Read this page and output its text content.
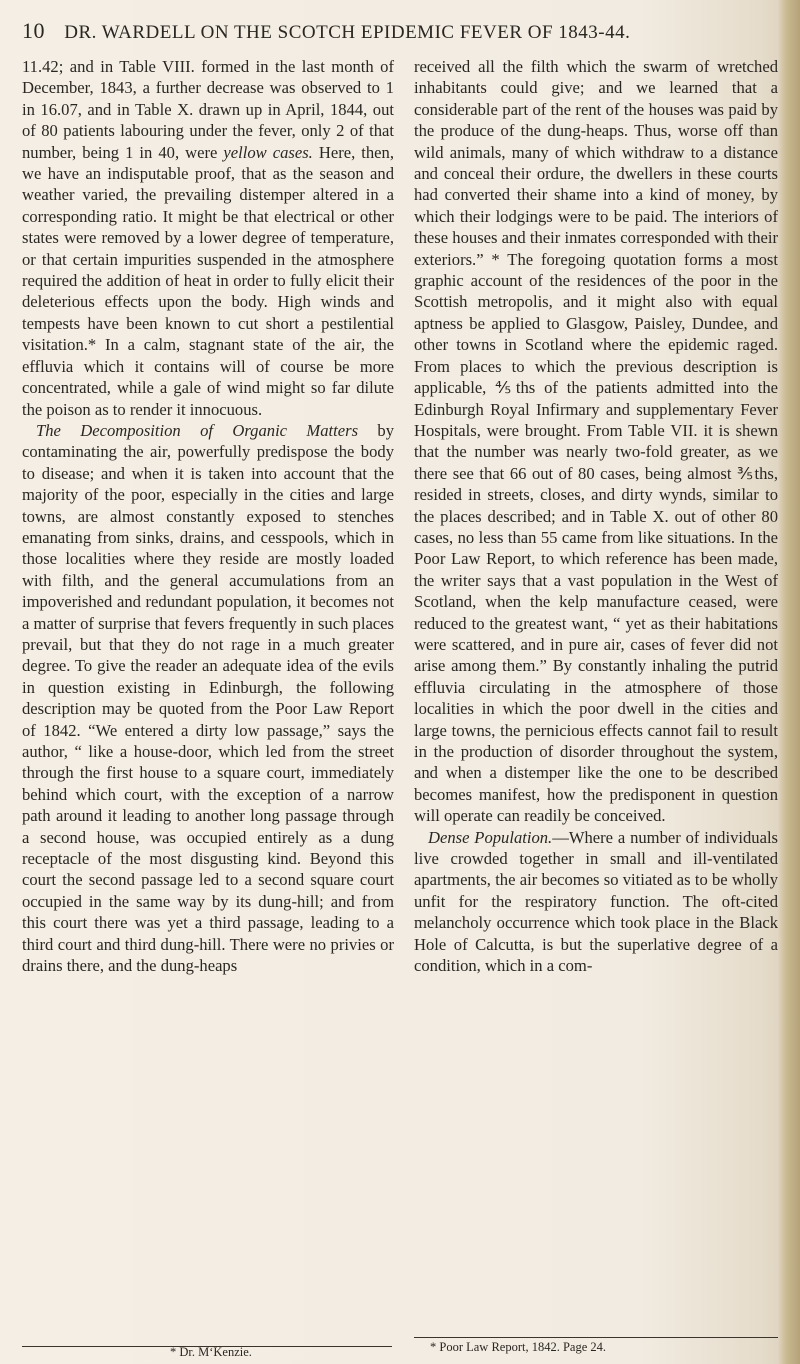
10 DR. WARDELL ON THE SCOTCH EPIDEMIC FEVER OF 1843-44.

11.42; and in Table VIII. formed in the last month of December, 1843, a further decrease was observed to 1 in 16.07, and in Table X. drawn up in April, 1844, out of 80 patients labouring under the fever, only 2 of that number, being 1 in 40, were yellow cases. Here, then, we have an indisputable proof, that as the season and weather varied, the prevailing distemper altered in a corresponding ratio. It might be that electrical or other states were removed by a lower degree of temperature, or that certain impurities suspended in the atmosphere required the addition of heat in order to fully elicit their deleterious effects upon the body. High winds and tempests have been known to cut short a pestilential visitation.* In a calm, stagnant state of the air, the effluvia which it contains will of course be more concentrated, while a gale of wind might so far dilute the poison as to render it innocuous.

The Decomposition of Organic Matters by contaminating the air, powerfully predispose the body to disease; and when it is taken into account that the majority of the poor, especially in the cities and large towns, are almost constantly exposed to stenches emanating from sinks, drains, and cesspools, which in those localities where they reside are mostly loaded with filth, and the general accumulations from an impoverished and redundant population, it becomes not a matter of surprise that fevers frequently in such places prevail, but that they do not rage in a much greater degree. To give the reader an adequate idea of the evils in question existing in Edinburgh, the following description may be quoted from the Poor Law Report of 1842. “We entered a dirty low passage,” says the author, “ like a house-door, which led from the street through the first house to a square court, immediately behind which court, with the exception of a narrow path around it leading to another long passage through a second house, was occupied entirely as a dung receptacle of the most disgusting kind. Beyond this court the second passage led to a second square court occupied in the same way by its dung-hill; and from this court there was yet a third passage, leading to a third court and third dung-hill. There were no privies or drains there, and the dung-heaps

received all the filth which the swarm of wretched inhabitants could give; and we learned that a considerable part of the rent of the houses was paid by the produce of the dung-heaps. Thus, worse off than wild animals, many of which withdraw to a distance and conceal their ordure, the dwellers in these courts had converted their shame into a kind of money, by which their lodgings were to be paid. The interiors of these houses and their inmates corresponded with their exteriors.” * The foregoing quotation forms a most graphic account of the residences of the poor in the Scottish metropolis, and it might also with equal aptness be applied to Glasgow, Paisley, Dundee, and other towns in Scotland where the epidemic raged. From places to which the previous description is applicable, ⅘ths of the patients admitted into the Edinburgh Royal Infirmary and supplementary Fever Hospitals, were brought. From Table VII. it is shewn that the number was nearly two-fold greater, as we there see that 66 out of 80 cases, being almost ⅗ths, resided in streets, closes, and dirty wynds, similar to the places described; and in Table X. out of other 80 cases, no less than 55 came from like situations. In the Poor Law Report, to which reference has been made, the writer says that a vast population in the West of Scotland, when the kelp manufacture ceased, were reduced to the greatest want, “ yet as their habitations were scattered, and in pure air, cases of fever did not arise among them.” By constantly inhaling the putrid effluvia circulating in the atmosphere of those localities in which the poor dwell in the cities and large towns, the pernicious effects cannot fail to result in the production of disorder throughout the system, and when a distemper like the one to be described becomes manifest, how the predisponent in question will operate can readily be conceived.

Dense Population.—Where a number of individuals live crowded together in small and ill-ventilated apartments, the air becomes so vitiated as to be wholly unfit for the respiratory function. The oft-cited melancholy occurrence which took place in the Black Hole of Calcutta, is but the superlative degree of a condition, which in a com-

* Dr. M‘Kenzie.	* Poor Law Report, 1842. Page 24.
